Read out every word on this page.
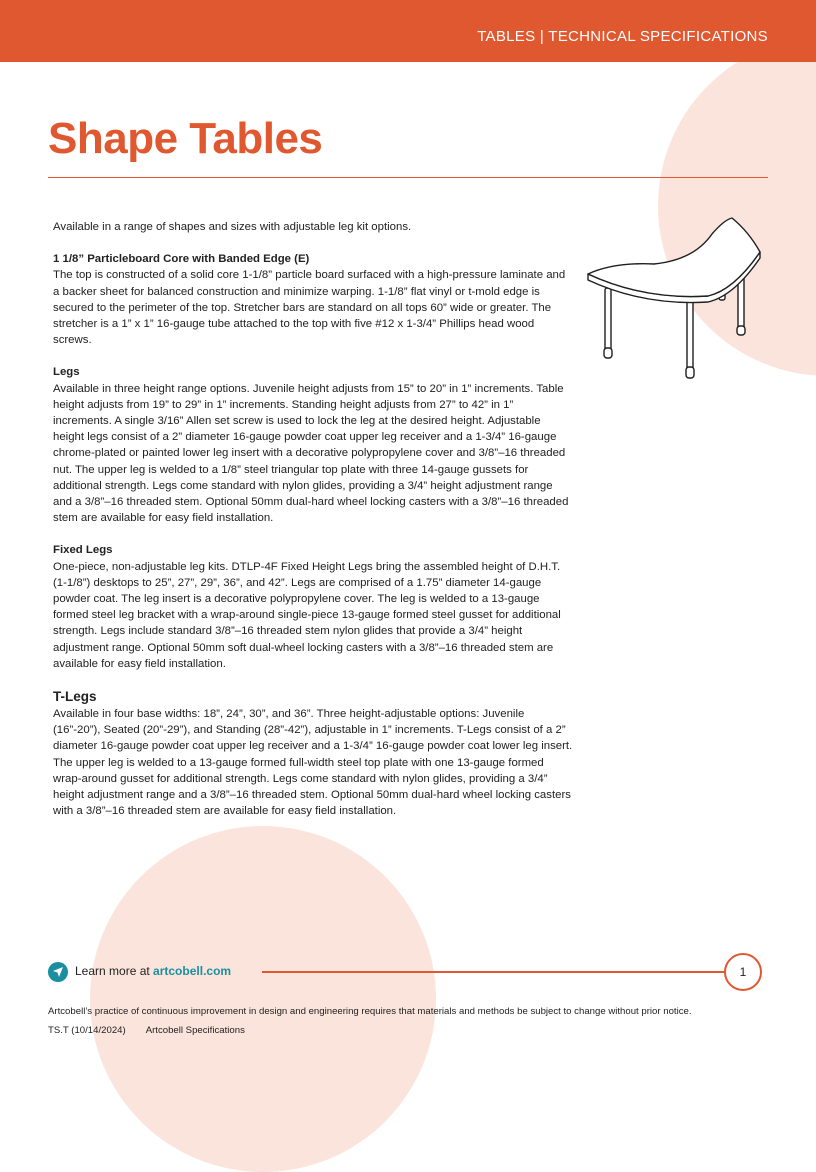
TABLES | TECHNICAL SPECIFICATIONS
Shape Tables

Available in a range of shapes and sizes with adjustable leg kit options.

1 1/8” Particleboard Core with Banded Edge (E)

The top is constructed of a solid core 1-1/8” particle board surfaced with a high-pressure laminate and a backer sheet for balanced construction and minimize warping. 1-1/8” flat vinyl or t-mold edge is secured to the perimeter of the top. Stretcher bars are standard on all tops 60” wide or greater. The stretcher is a 1” x 1” 16-gauge tube attached to the top with five #12 x 1-3/4” Phillips head wood screws.

Legs

Available in three height range options. Juvenile height adjusts from 15” to 20” in 1” increments. Table height adjusts from 19” to 29” in 1” increments. Standing height adjusts from 27” to 42” in 1” increments. A single 3/16” Allen set screw is used to lock the leg at the desired height. Adjustable height legs consist of a 2” diameter 16-gauge powder coat upper leg receiver and a 1-3/4” 16-gauge chrome-plated or painted lower leg insert with a decorative polypropylene cover and 3/8”–16 threaded nut. The upper leg is welded to a 1/8” steel triangular top plate with three 14-gauge gussets for additional strength. Legs come standard with nylon glides, providing a 3/4” height adjustment range and a 3/8”–16 threaded stem. Optional 50mm dual-hard wheel locking casters with a 3/8”–16 threaded stem are available for easy field installation.

Fixed Legs

One-piece, non-adjustable leg kits. DTLP-4F Fixed Height Legs bring the assembled height of D.H.T. (1-1/8”) desktops to 25”, 27”, 29”, 36”, and 42”. Legs are comprised of a 1.75” diameter 14-gauge powder coat. The leg insert is a decorative polypropylene cover. The leg is welded to a 13-gauge formed steel leg bracket with a wrap-around single-piece 13-gauge formed steel gusset for additional strength. Legs include standard 3/8”–16 threaded stem nylon glides that provide a 3/4” height adjustment range. Optional 50mm soft dual-wheel locking casters with a 3/8”–16 threaded stem are available for easy field installation.

T-Legs

Available in four base widths: 18”, 24”, 30”, and 36”. Three height-adjustable options: Juvenile (16”-20”), Seated (20”-29”), and Standing (28”-42”), adjustable in 1” increments. T-Legs consist of a 2” diameter 16-gauge powder coat upper leg receiver and a 1-3/4” 16-gauge powder coat lower leg insert. The upper leg is welded to a 13-gauge formed full-width steel top plate with one 13-gauge formed wrap-around gusset for additional strength. Legs come standard with nylon glides, providing a 3/4” height adjustment range and a 3/8”–16 threaded stem. Optional 50mm dual-hard wheel locking casters with a 3/8”–16 threaded stem are available for easy field installation.

Learn more at artcobell.com	1
Artcobell’s practice of continuous improvement in design and engineering requires that materials and methods be subject to change without prior notice.
TS.T (10/14/2024) Artcobell Specifications
